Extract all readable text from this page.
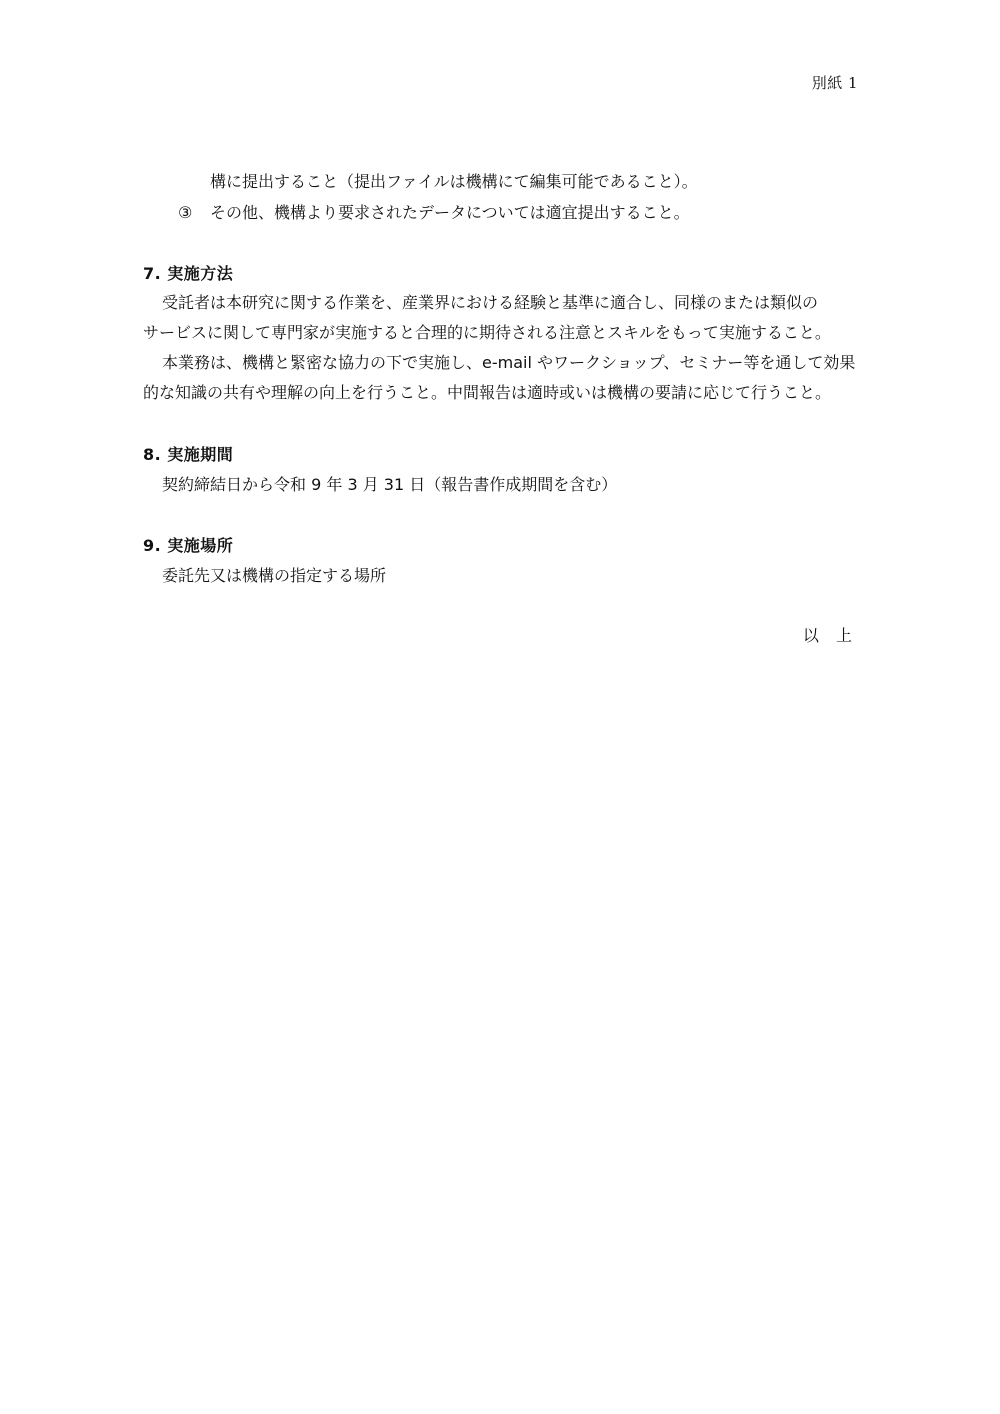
別紙 1
構に提出すること（提出ファイルは機構にて編集可能であること）。
③ その他、機構より要求されたデータについては適宜提出すること。
7. 実施方法
受託者は本研究に関する作業を、産業界における経験と基準に適合し、同様のまたは類似の
サービスに関して専門家が実施すると合理的に期待される注意とスキルをもって実施すること。
本業務は、機構と緊密な協力の下で実施し、e-mail やワークショップ、セミナー等を通して効果
的な知識の共有や理解の向上を行うこと。中間報告は適時或いは機構の要請に応じて行うこと。
8. 実施期間
契約締結日から令和 9 年 3 月 31 日（報告書作成期間を含む）
9. 実施場所
委託先又は機構の指定する場所
以 上
